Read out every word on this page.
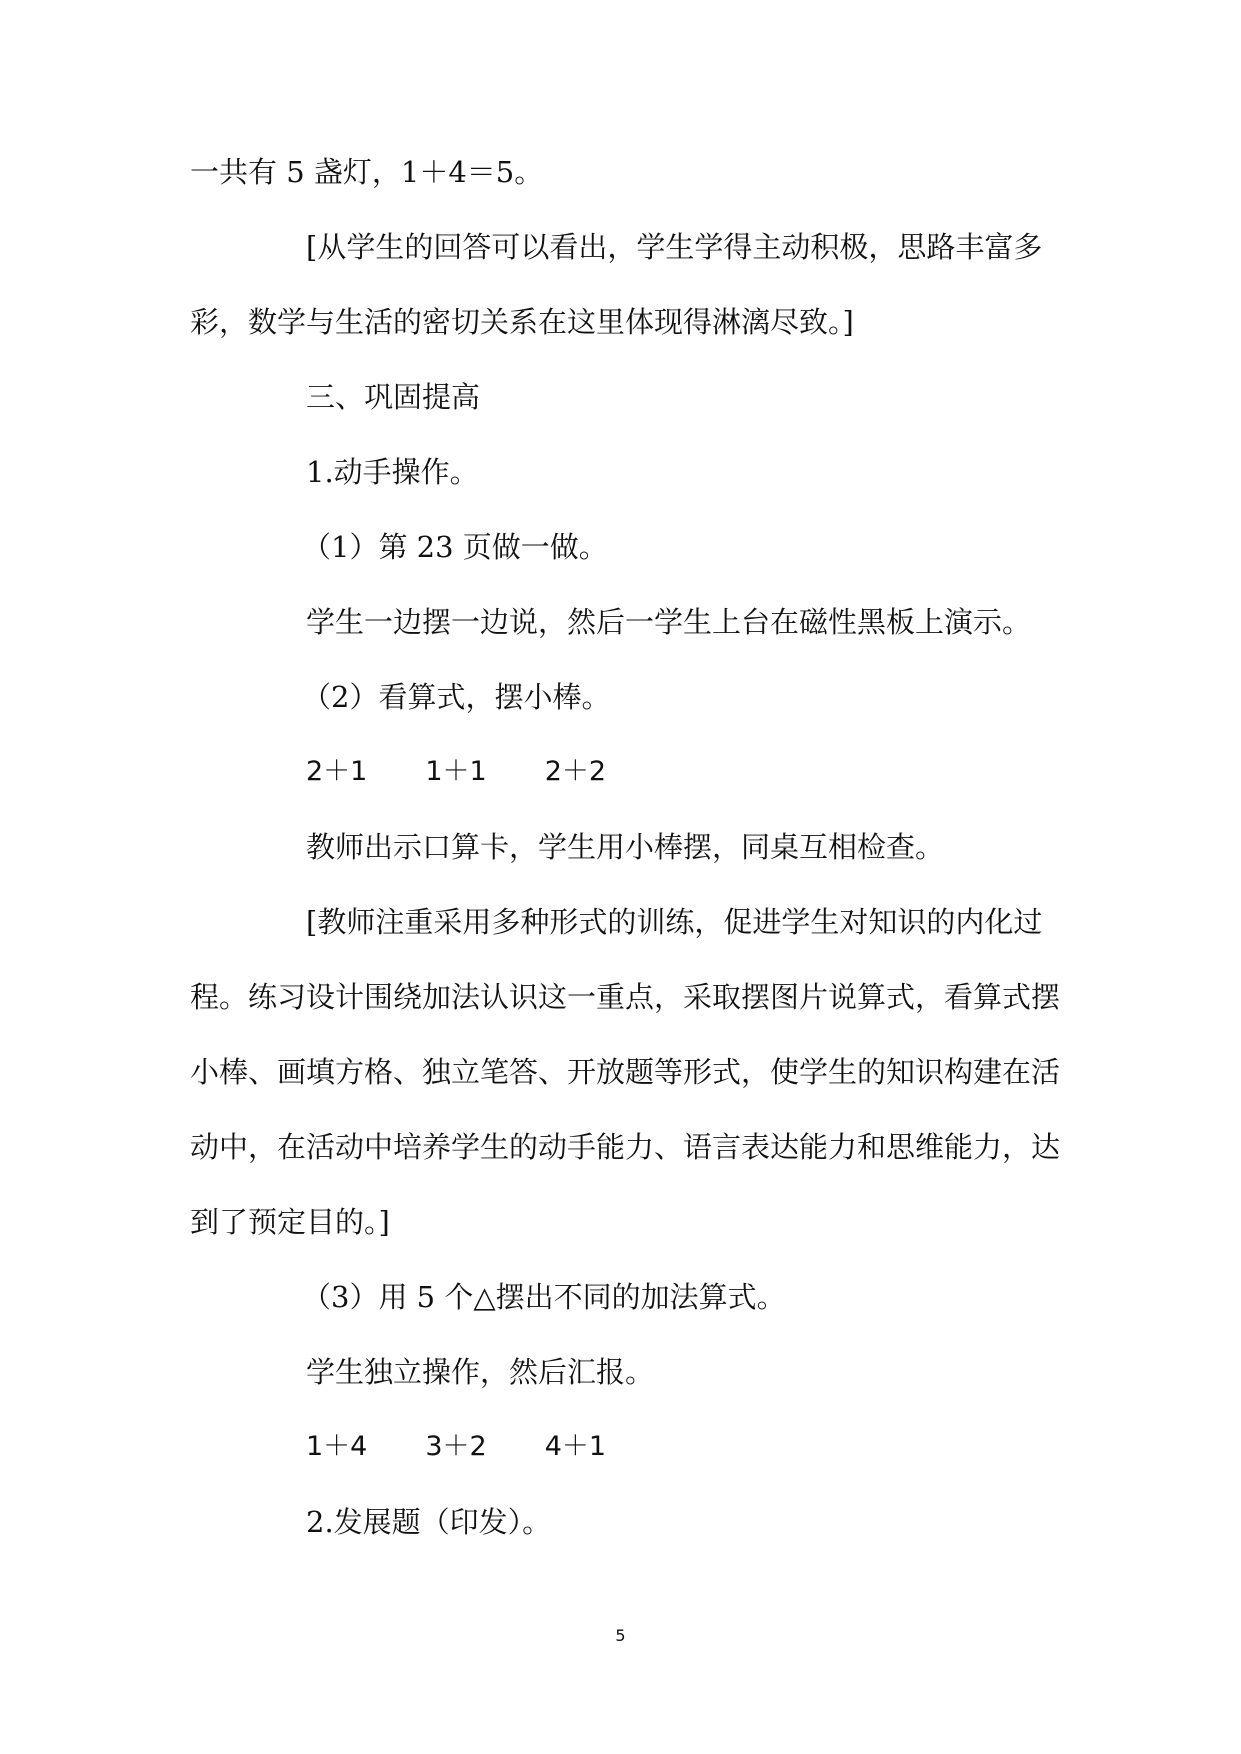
一共有 5 盏灯，1＋4＝5。
[从学生的回答可以看出，学生学得主动积极，思路丰富多
彩，数学与生活的密切关系在这里体现得淋漓尽致。]
三、巩固提高
1.动手操作。
（1）第 23 页做一做。
学生一边摆一边说，然后一学生上台在磁性黑板上演示。
（2）看算式，摆小棒。
2＋1 1＋1 2＋2
教师出示口算卡，学生用小棒摆，同桌互相检查。
[教师注重采用多种形式的训练，促进学生对知识的内化过
程。练习设计围绕加法认识这一重点，采取摆图片说算式，看算式摆
小棒、画填方格、独立笔答、开放题等形式，使学生的知识构建在活
动中，在活动中培养学生的动手能力、语言表达能力和思维能力，达
到了预定目的。]
（3）用 5 个△摆出不同的加法算式。
学生独立操作，然后汇报。
1＋4 3＋2 4＋1
2.发展题（印发）。
5
